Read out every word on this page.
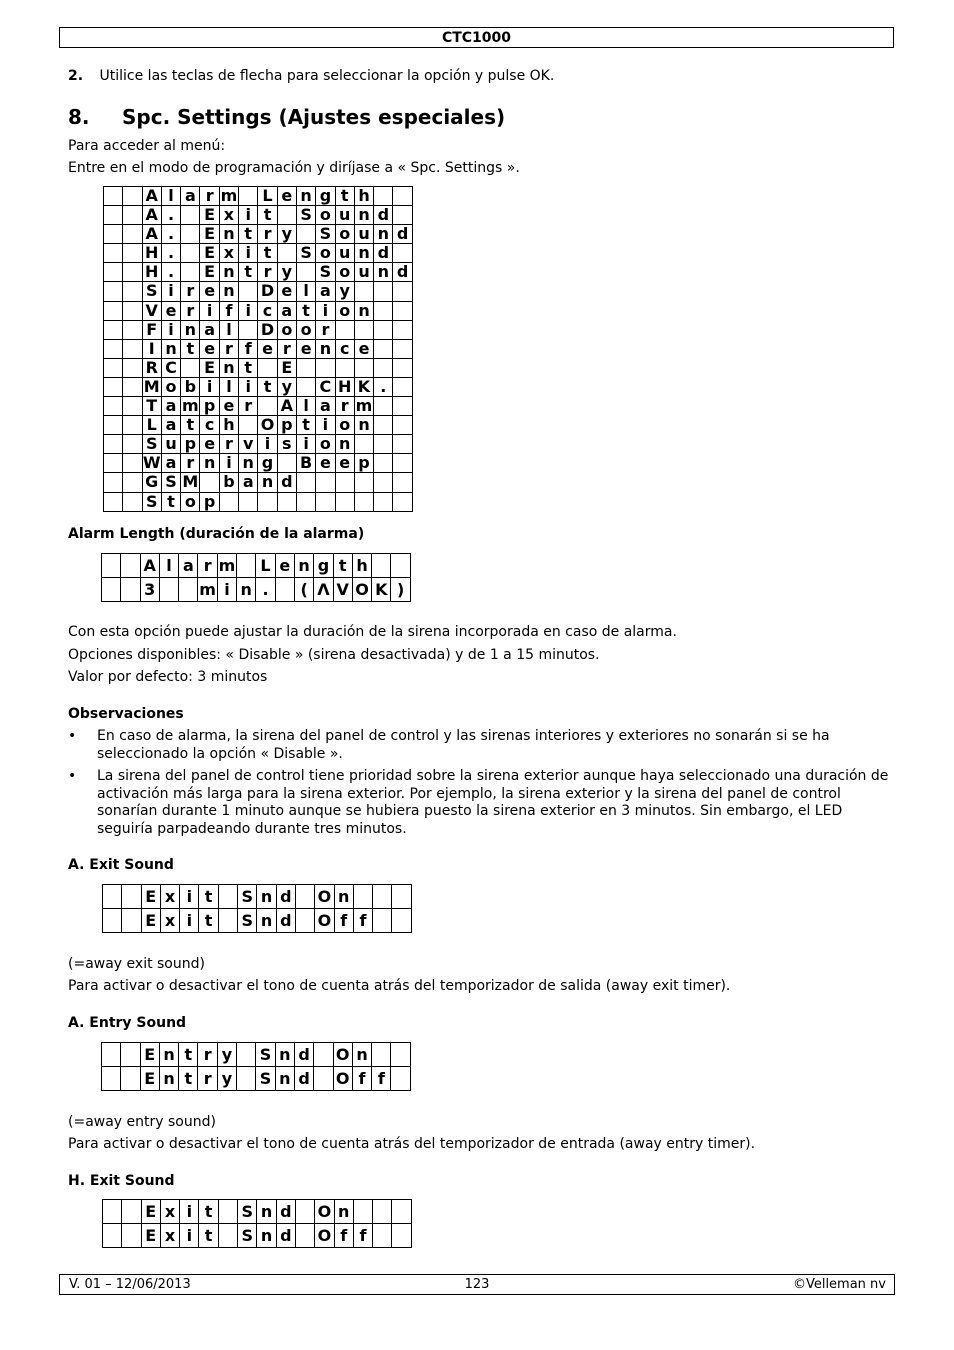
CTC1000
2. Utilice las teclas de flecha para seleccionar la opción y pulse OK.
8. Spc. Settings (Ajustes especiales)
Para acceder al menú:
Entre en el modo de programación y diríjase a « Spc. Settings ».
		A	l	a	r	m		L	e	n	g	t	h		
		A	.		E	x	i	t		S	o	u	n	d	
		A	.		E	n	t	r	y		S	o	u	n	d
		H	.		E	x	i	t		S	o	u	n	d	
		H	.		E	n	t	r	y		S	o	u	n	d
		S	i	r	e	n		D	e	l	a	y			
		V	e	r	i	f	i	c	a	t	i	o	n		
		F	i	n	a	l		D	o	o	r				
		I	n	t	e	r	f	e	r	e	n	c	e		
		R	C		E	n	t		E						
		M	o	b	i	l	i	t	y		C	H	K	.	
		T	a	m	p	e	r		A	l	a	r	m		
		L	a	t	c	h		O	p	t	i	o	n		
		S	u	p	e	r	v	i	s	i	o	n			
		W	a	r	n	i	n	g		B	e	e	p		
		G	S	M		b	a	n	d						
		S	t	o	p										
Alarm Length (duración de la alarma)
		A	l	a	r	m		L	e	n	g	t	h		
		3			m	i	n	.		(	Λ	V	O	K	)
Con esta opción puede ajustar la duración de la sirena incorporada en caso de alarma.
Opciones disponibles: « Disable » (sirena desactivada) y de 1 a 15 minutos.
Valor por defecto: 3 minutos
Observaciones
• En caso de alarma, la sirena del panel de control y las sirenas interiores y exteriores no sonarán si se ha seleccionado la opción « Disable ».
• La sirena del panel de control tiene prioridad sobre la sirena exterior aunque haya seleccionado una duración de activación más larga para la sirena exterior. Por ejemplo, la sirena exterior y la sirena del panel de control sonarían durante 1 minuto aunque se hubiera puesto la sirena exterior en 3 minutos. Sin embargo, el LED seguiría parpadeando durante tres minutos.
A. Exit Sound
		E	x	i	t		S	n	d		O	n			
		E	x	i	t		S	n	d		O	f	f		
(=away exit sound)
Para activar o desactivar el tono de cuenta atrás del temporizador de salida (away exit timer).
A. Entry Sound
		E	n	t	r	y		S	n	d		O	n		
		E	n	t	r	y		S	n	d		O	f	f	
(=away entry sound)
Para activar o desactivar el tono de cuenta atrás del temporizador de entrada (away entry timer).
H. Exit Sound
		E	x	i	t		S	n	d		O	n			
		E	x	i	t		S	n	d		O	f	f		
V. 01 – 12/06/2013	123	©Velleman nv
